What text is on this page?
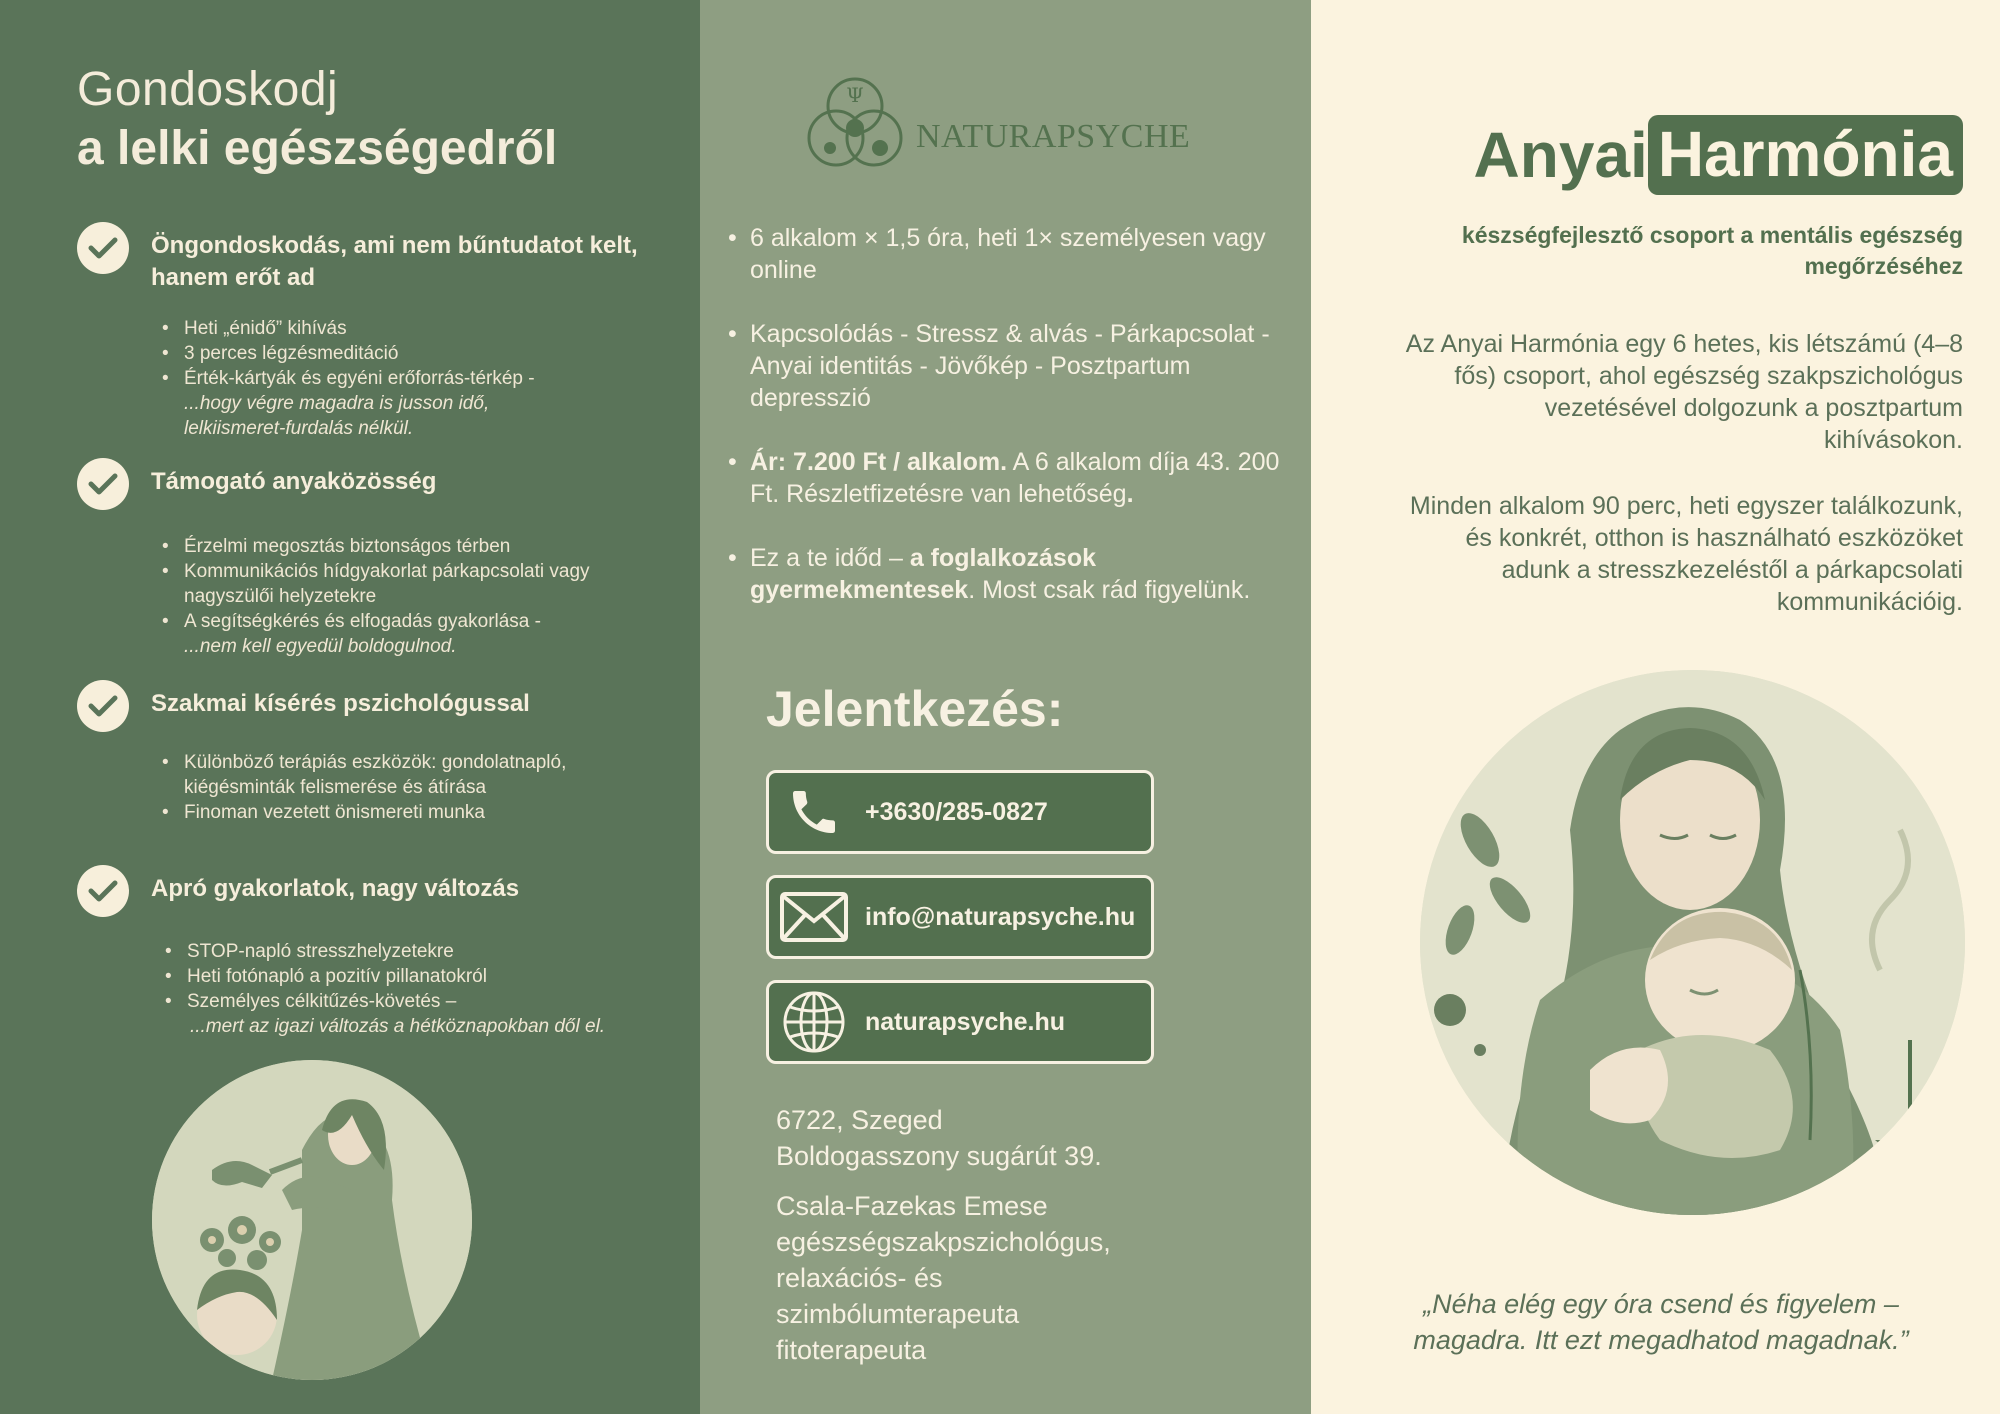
Gondoskodj
a lelki egészségedről
Öngondoskodás, ami nem bűntudatot kelt, hanem erőt ad
• Heti „énidő” kihívás
• 3 perces légzésmeditáció
• Érték-kártyák és egyéni erőforrás-térkép -
...hogy végre magadra is jusson idő, lelkiismeret-furdalás nélkül.
Támogató anyaközösség
• Érzelmi megosztás biztonságos térben
• Kommunikációs hídgyakorlat párkapcsolati vagy nagyszülői helyzetekre
• A segítségkérés és elfogadás gyakorlása -
...nem kell egyedül boldogulnod.
Szakmai kísérés pszichológussal
• Különböző terápiás eszközök: gondolatnapló, kiégésminták felismerése és átírása
• Finoman vezetett önismereti munka
Apró gyakorlatok, nagy változás
• STOP-napló stresszhelyzetekre
• Heti fotónapló a pozitív pillanatokról
• Személyes célkitűzés-követés –
...mert az igazi változás a hétköznapokban dől el.
Ψ
NATURAPSYCHE
• 6 alkalom × 1,5 óra, heti 1× személyesen vagy online
• Kapcsolódás - Stressz & alvás - Párkapcsolat - Anyai identitás - Jövőkép - Posztpartum depresszió
• Ár: 7.200 Ft / alkalom. A 6 alkalom díja 43. 200 Ft. Részletfizetésre van lehetőség.
• Ez a te időd – a foglalkozások gyermekmentesek. Most csak rád figyelünk.
Jelentkezés:
+3630/285-0827
info@naturapsyche.hu
naturapsyche.hu
6722, Szeged
Boldogasszony sugárút 39.
Csala-Fazekas Emese
egészségszakpszichológus,
relaxációs- és
szimbólumterapeuta
fitoterapeuta
Anyai Harmónia
készségfejlesztő csoport a mentális egészség megőrzéséhez
Az Anyai Harmónia egy 6 hetes, kis létszámú (4–8 fős) csoport, ahol egészség szakpszichológus vezetésével dolgozunk a posztpartum kihívásokon.
Minden alkalom 90 perc, heti egyszer találkozunk, és konkrét, otthon is használható eszközöket adunk a stresszkezeléstől a párkapcsolati kommunikációig.
„Néha elég egy óra csend és figyelem – magadra. Itt ezt megadhatod magadnak.”
